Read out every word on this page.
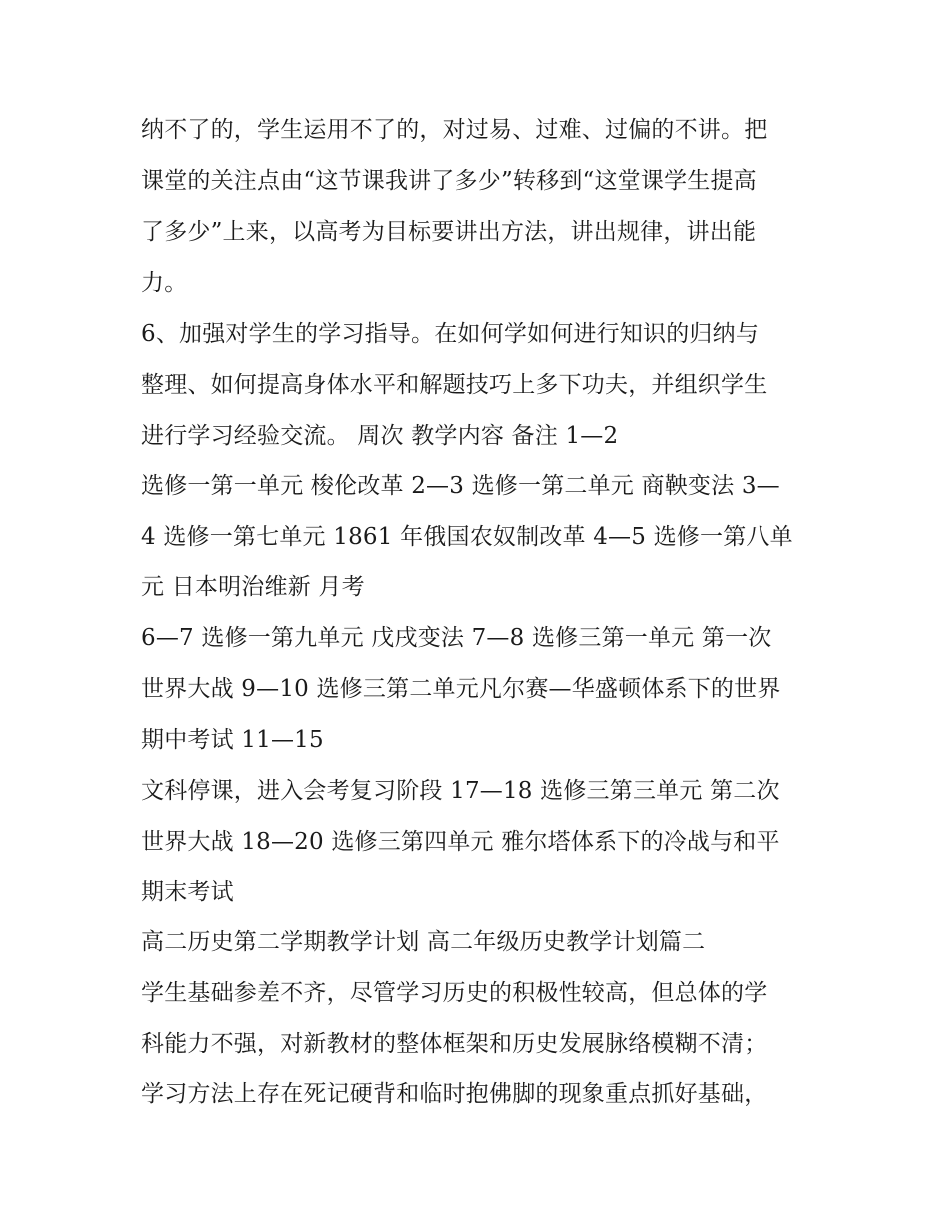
纳不了的，学生运用不了的，对过易、过难、过偏的不讲。把
课堂的关注点由“这节课我讲了多少”转移到“这堂课学生提高
了多少”上来，以高考为目标要讲出方法，讲出规律，讲出能
力。
6、加强对学生的学习指导。在如何学如何进行知识的归纳与
整理、如何提高身体水平和解题技巧上多下功夫，并组织学生
进行学习经验交流。 周次 教学内容 备注 1—2
选修一第一单元 梭伦改革 2—3 选修一第二单元 商鞅变法 3—
4 选修一第七单元 1861 年俄国农奴制改革 4—5 选修一第八单
元 日本明治维新 月考
6—7 选修一第九单元 戊戌变法 7—8 选修三第一单元 第一次
世界大战 9—10 选修三第二单元凡尔赛—华盛顿体系下的世界
期中考试 11—15
文科停课，进入会考复习阶段 17—18 选修三第三单元 第二次
世界大战 18—20 选修三第四单元 雅尔塔体系下的冷战与和平
期末考试
高二历史第二学期教学计划 高二年级历史教学计划篇二
学生基础参差不齐，尽管学习历史的积极性较高，但总体的学
科能力不强，对新教材的整体框架和历史发展脉络模糊不清；
学习方法上存在死记硬背和临时抱佛脚的现象重点抓好基础，
